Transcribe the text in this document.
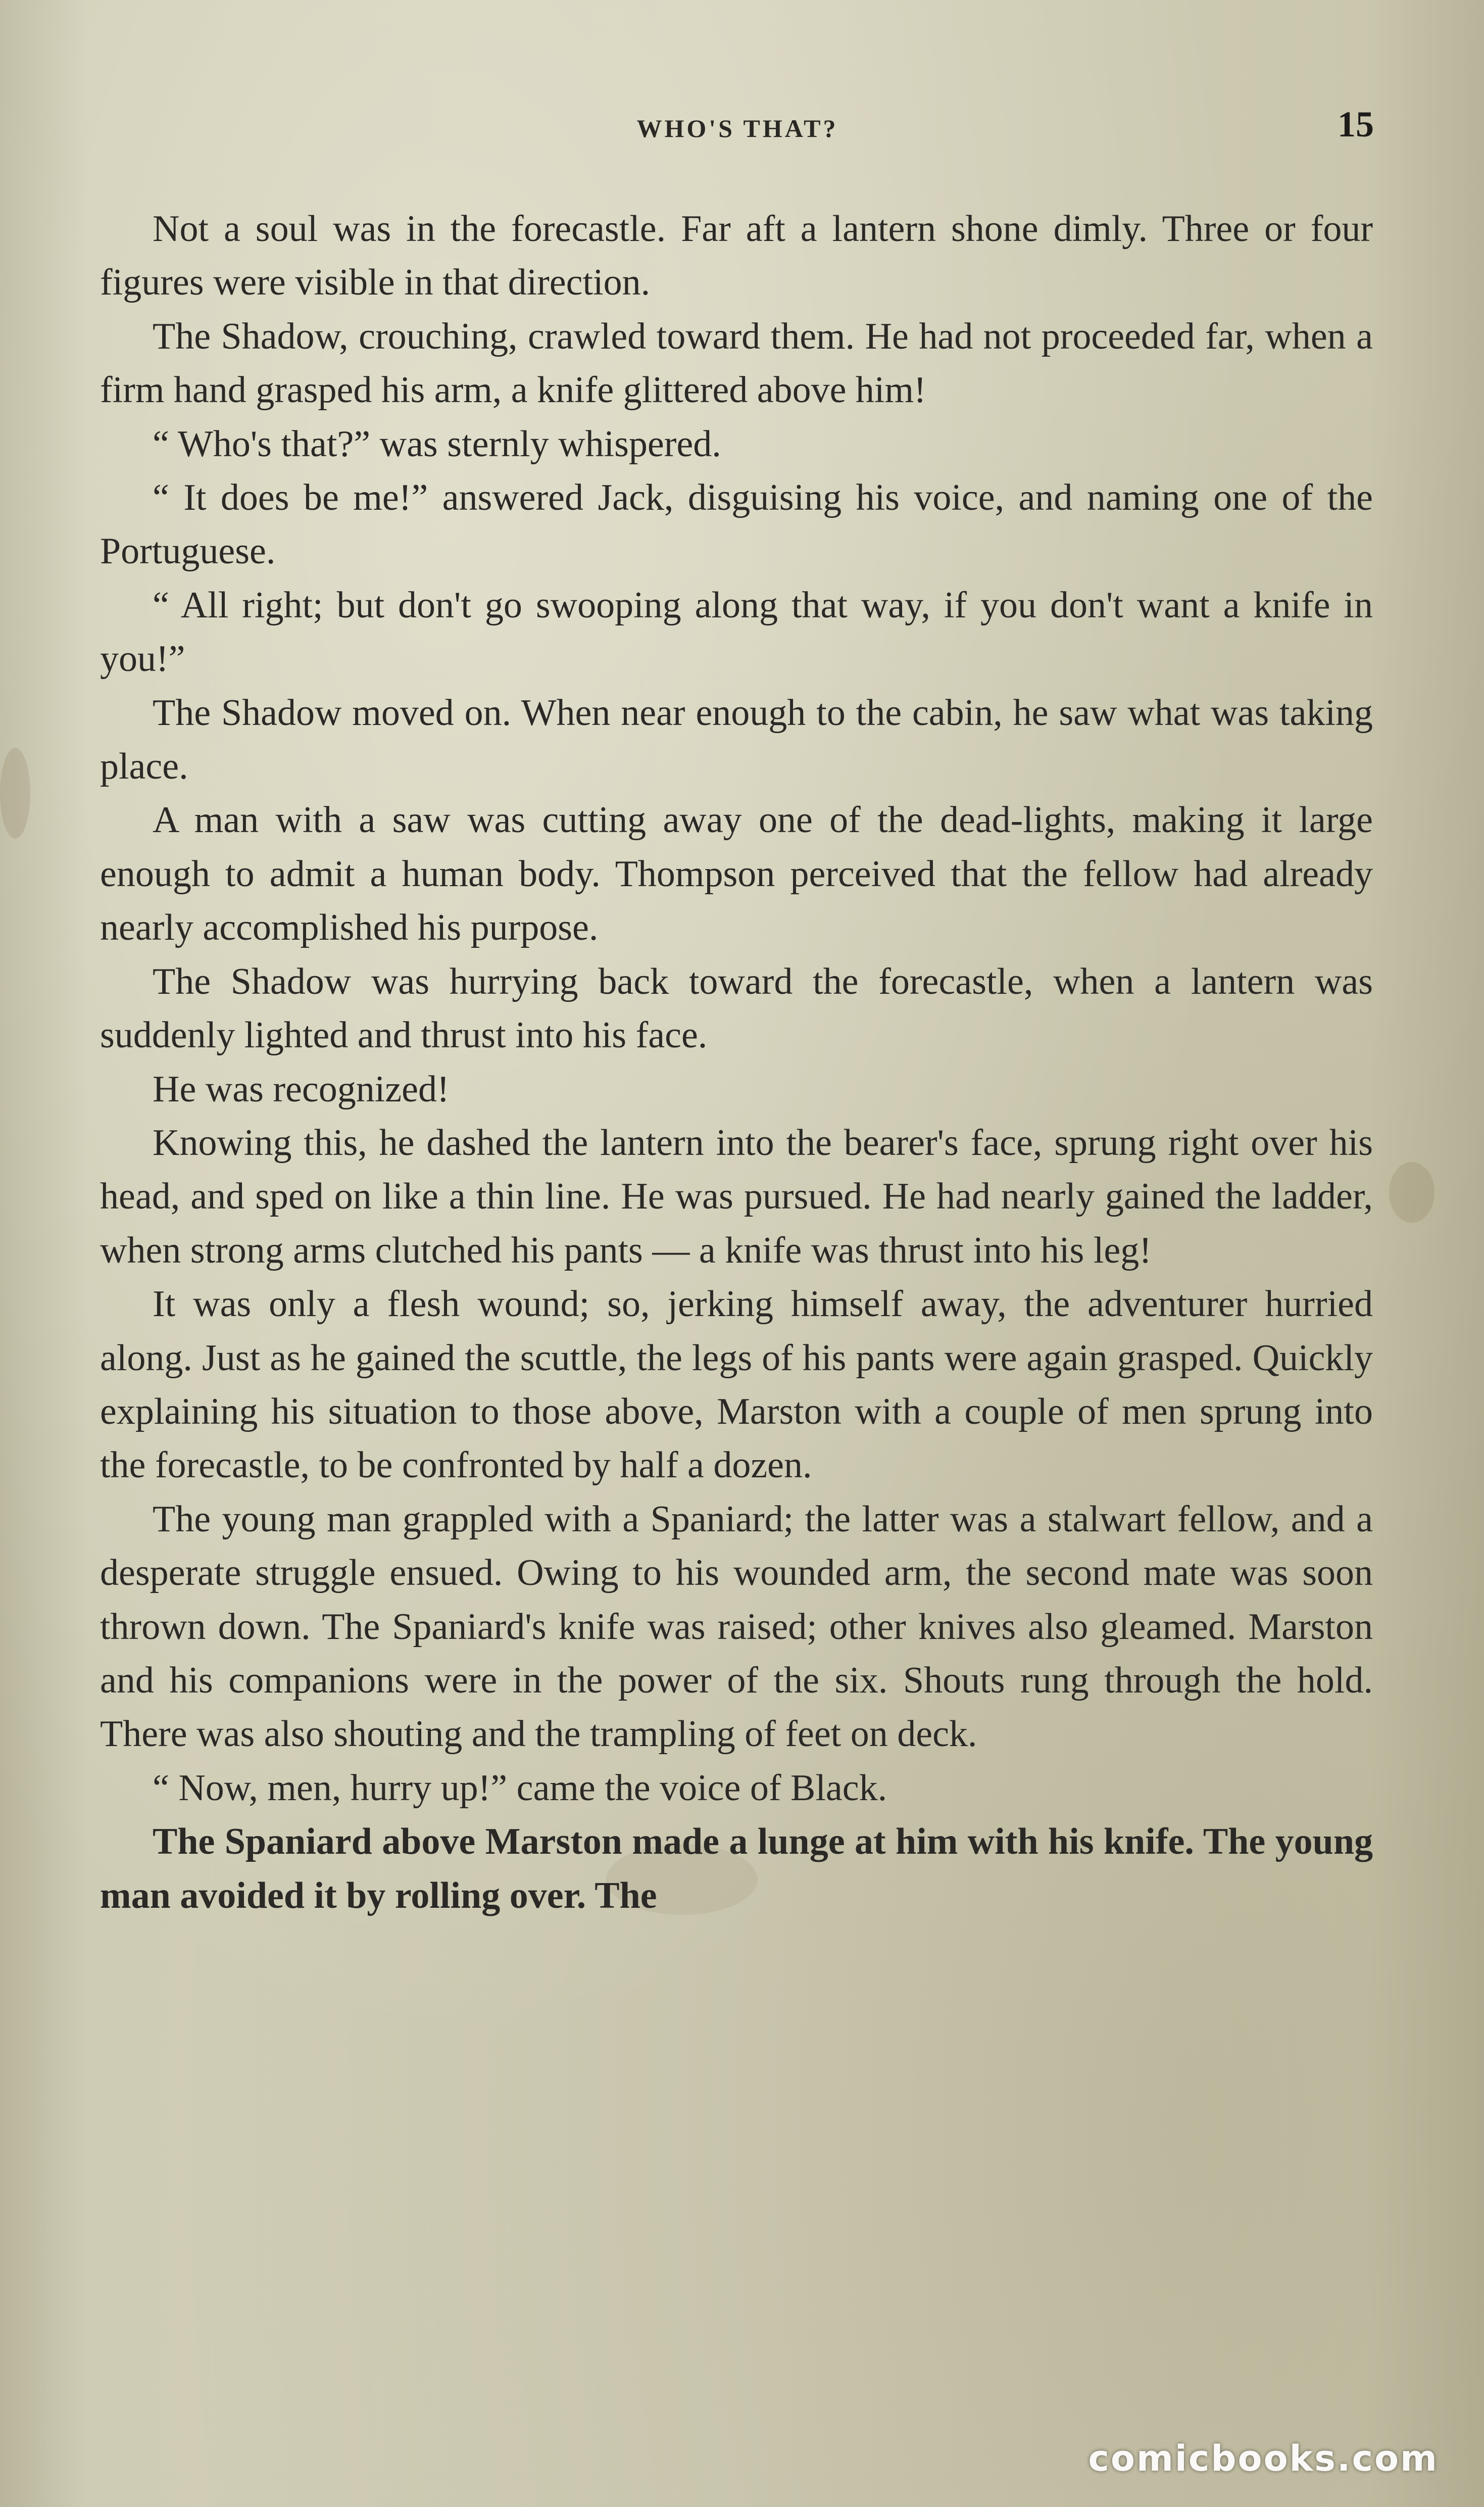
WHO'S THAT?	15

Not a soul was in the forecastle. Far aft a lantern shone dimly. Three or four figures were visible in that direction.

The Shadow, crouching, crawled toward them. He had not proceeded far, when a firm hand grasped his arm, a knife glittered above him!

“ Who's that?” was sternly whispered.

“ It does be me!” answered Jack, disguising his voice, and naming one of the Portuguese.

“ All right; but don't go swooping along that way, if you don't want a knife in you!”

The Shadow moved on. When near enough to the cabin, he saw what was taking place.

A man with a saw was cutting away one of the dead-lights, making it large enough to admit a human body. Thompson perceived that the fellow had already nearly accomplished his purpose.

The Shadow was hurrying back toward the forecastle, when a lantern was suddenly lighted and thrust into his face.

He was recognized!

Knowing this, he dashed the lantern into the bearer's face, sprung right over his head, and sped on like a thin line. He was pursued. He had nearly gained the ladder, when strong arms clutched his pants — a knife was thrust into his leg!

It was only a flesh wound; so, jerking himself away, the adventurer hurried along. Just as he gained the scuttle, the legs of his pants were again grasped. Quickly explaining his situation to those above, Marston with a couple of men sprung into the forecastle, to be confronted by half a dozen.

The young man grappled with a Spaniard; the latter was a stalwart fellow, and a desperate struggle ensued. Owing to his wounded arm, the second mate was soon thrown down. The Spaniard's knife was raised; other knives also gleamed. Marston and his companions were in the power of the six. Shouts rung through the hold. There was also shouting and the trampling of feet on deck.

“ Now, men, hurry up!” came the voice of Black.

The Spaniard above Marston made a lunge at him with his knife. The young man avoided it by rolling over. The

comicbooks.com
